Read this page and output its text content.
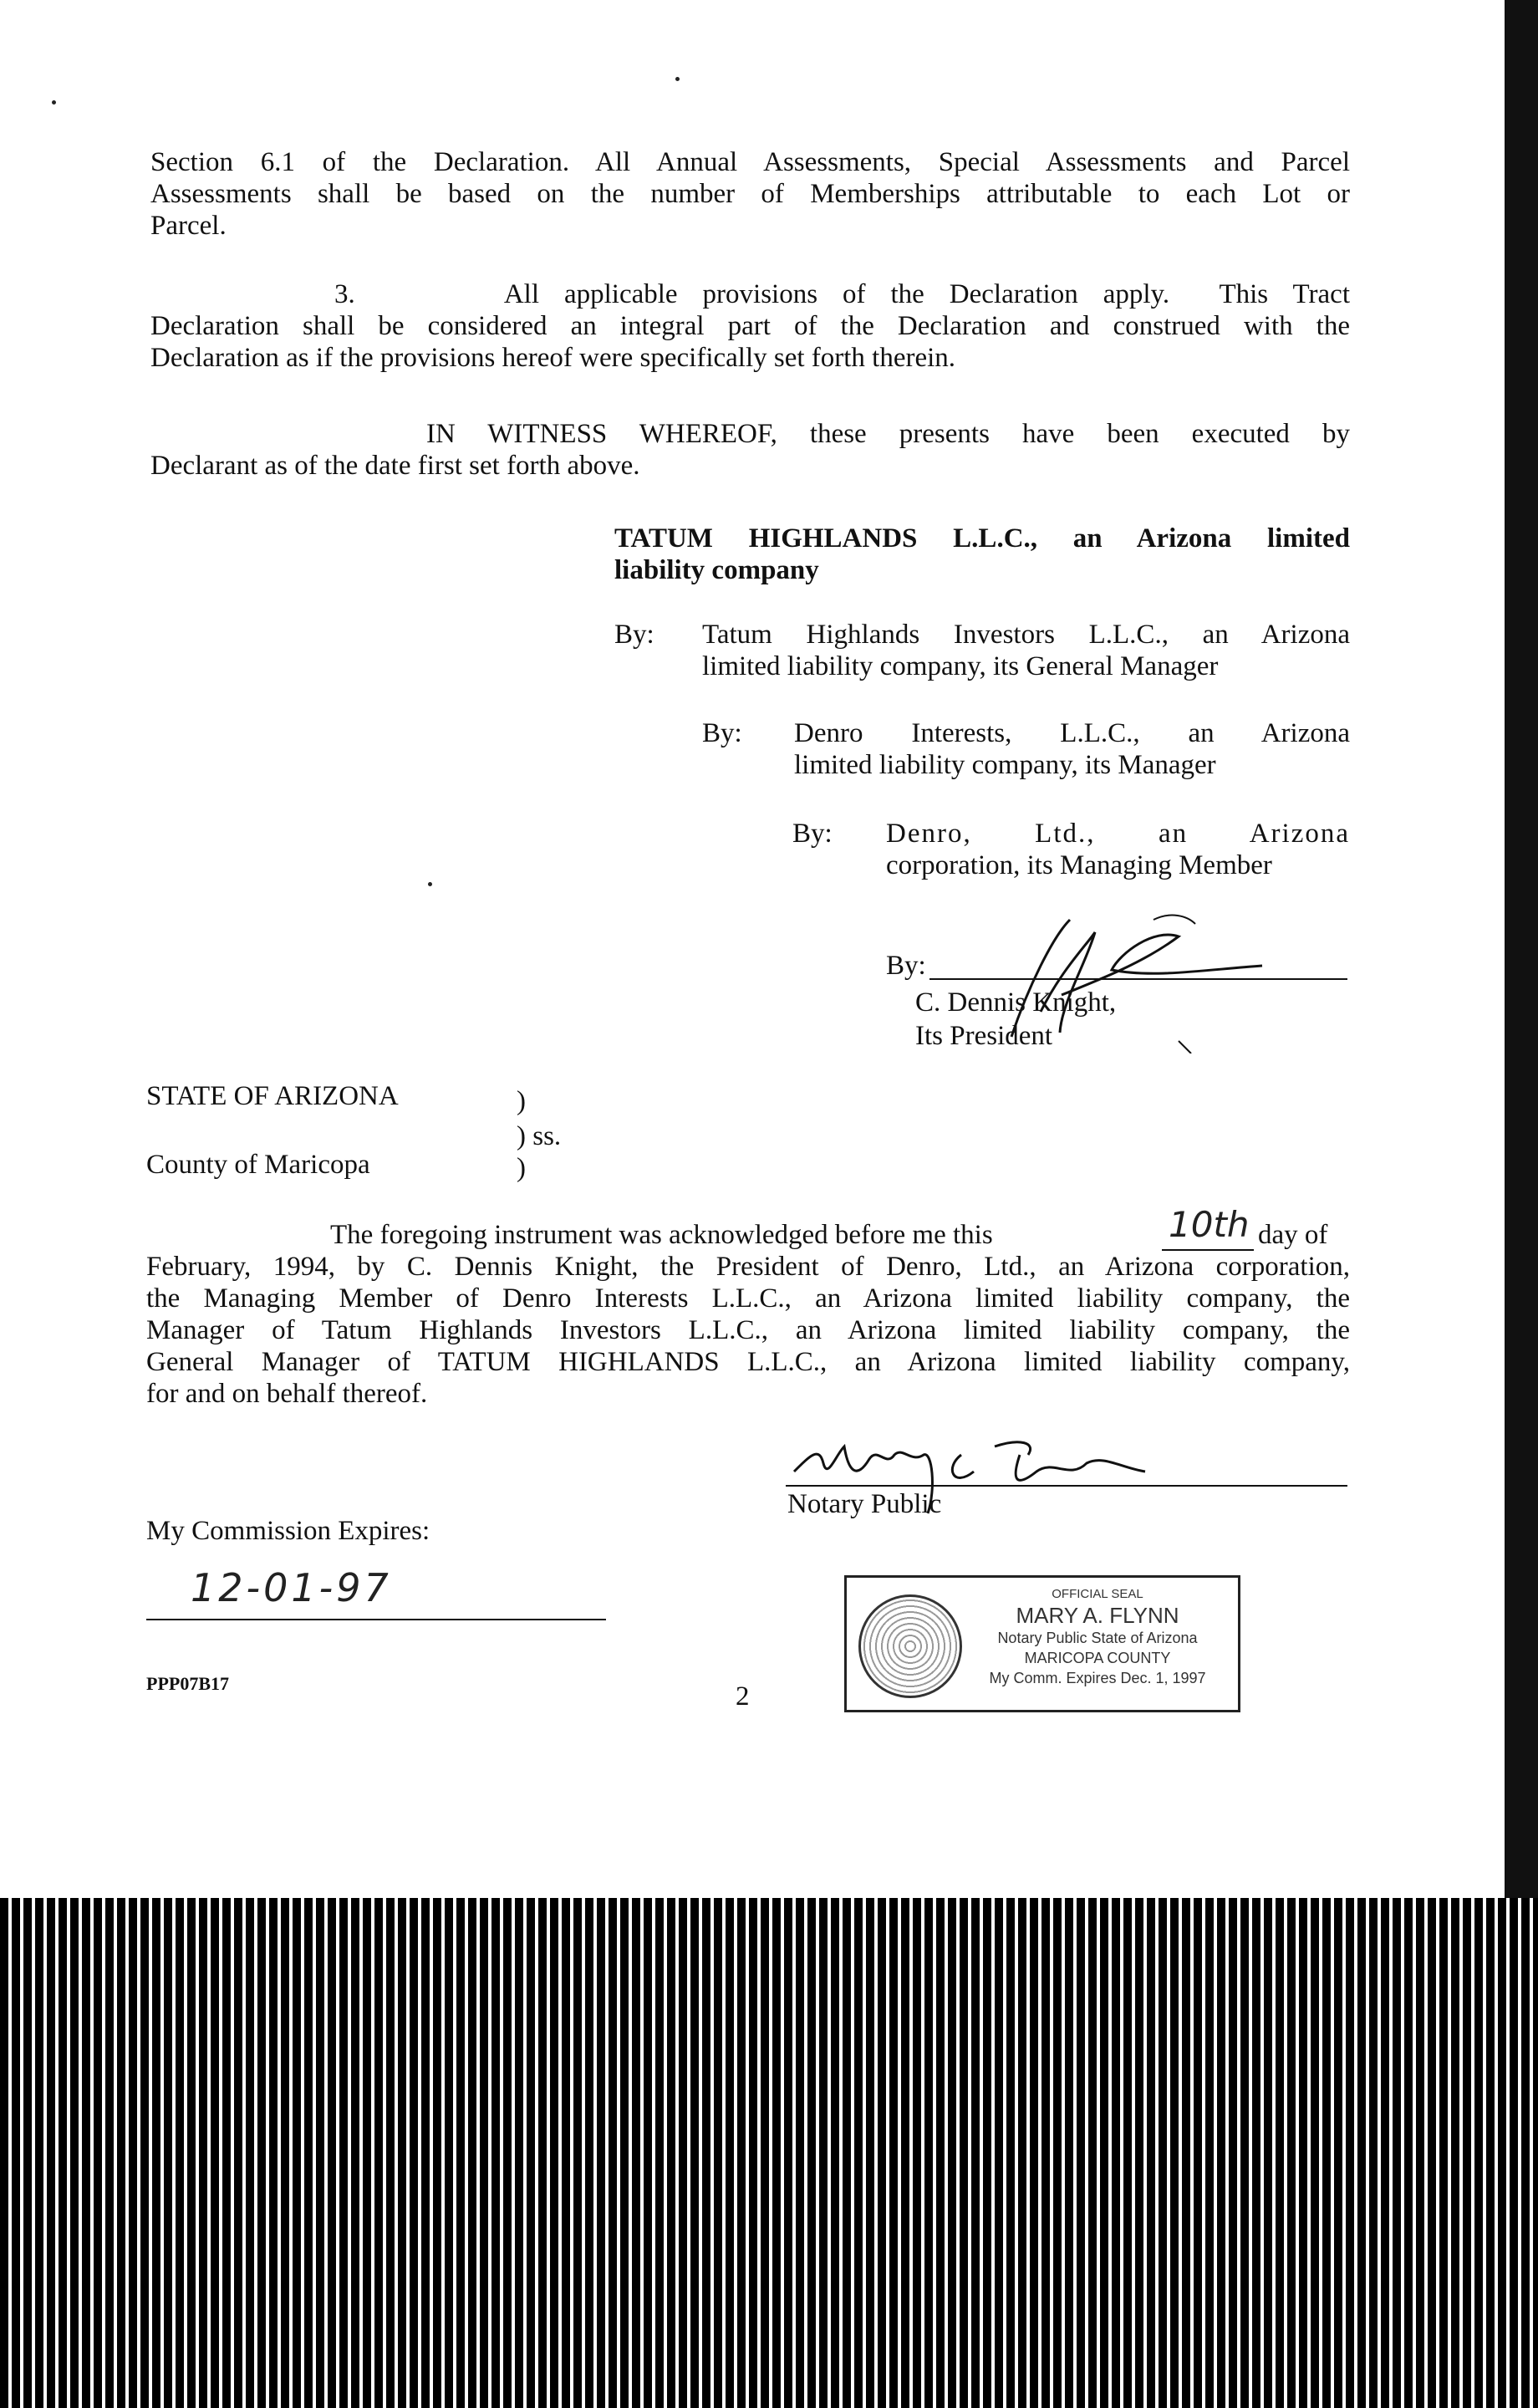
Section 6.1 of the Declaration. All Annual Assessments, Special Assessments and Parcel

Assessments shall be based on the number of Memberships attributable to each Lot or

Parcel.

3.      All applicable provisions of the Declaration apply.  This Tract

Declaration shall be considered an integral part of the Declaration and construed with the

Declaration as if the provisions hereof were specifically set forth therein.

IN WITNESS WHEREOF, these presents have been executed by

Declarant as of the date first set forth above.

TATUM HIGHLANDS L.L.C., an Arizona limited

liability company

By: Tatum Highlands Investors L.L.C., an Arizona

limited liability company, its General Manager

By: Denro Interests, L.L.C., an Arizona

limited liability company, its Manager

By: Denro, Ltd., an Arizona

corporation, its Managing Member

By:

C. Dennis Knight,

Its President

STATE OF ARIZONA	)

) ss.

County of Maricopa	)

The foregoing instrument was acknowledged before me this	10th day of

February, 1994, by C. Dennis Knight, the President of Denro, Ltd., an Arizona corporation,

the Managing Member of Denro Interests L.L.C., an Arizona limited liability company, the

Manager of Tatum Highlands Investors L.L.C., an Arizona limited liability company, the

General Manager of TATUM HIGHLANDS L.L.C., an Arizona limited liability company,

for and on behalf thereof.

Notary Public

My Commission Expires:

12-01-97	OFFICIAL SEAL
MARY A. FLYNN
Notary Public State of Arizona
MARICOPA COUNTY
My Comm. Expires Dec. 1, 1997

PPP07B17	2
